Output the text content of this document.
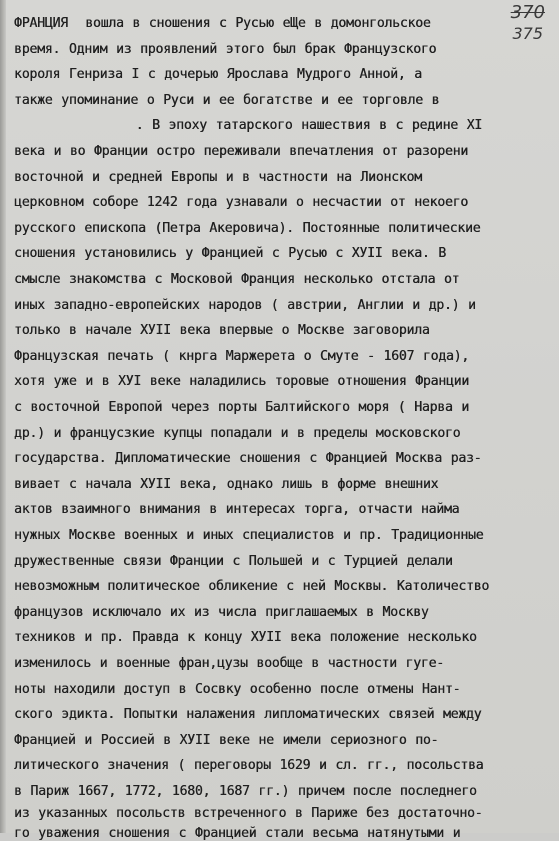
370
375
ФРАНЦИЯ  вошла в сношения с Русью еЩе в домонгольское
время. Одним из проявлений этого был брак Французского
короля Генриза I с дочерью Ярослава Мудрого Анной, а
также упоминание о Руси и ее богатстве и ее торговле в
. В эпоху татарского нашествия в с редине XI
века и во Франции остро переживали впечатления от разорени
восточной и средней Европы и в частности на Лионском
церковном соборе 1242 года узнавали о несчастии от некоего
русского епископа (Петра Акеровича). Постоянные политические
сношения установились у Францией с Русью с ХУII века. В
смысле знакомства с Московой Франция несколько отстала от
иных западно-европейских народов ( австрии, Англии и др.) и
только в начале ХУII века впервые о Москве заговорила
Французская печать ( кнрга Маржерета о Смуте - 1607 года),
хотя уже и в ХУI веке наладились торовые отношения Франции
с восточной Европой через порты Балтийского моря ( Нарва и
др.) и францусзкие купцы попадали и в пределы московского
государства. Дипломатические сношения с Францией Москва раз-
вивает с начала ХУII века, однако лишь в форме внешних
актов взаимного внимания в интересах торга, отчасти найма
нужных Москве военных и иных специалистов и пр. Традиционные
дружественные связи Франции с Польшей и с Турцией делали
невозможным политическое обликение с ней Москвы. Католичество
французов исключало их из числа приглашаемых в Москву
техников и пр. Правда к концу ХУII века положение несколько
изменилось и военные фран,цузы вообще в частности гуге-
ноты находили доступ в Сосвку особенно после отмены Нант-
ского эдикта. Попытки налажения липломатических связей между
Францией и Россией в ХУII веке не имели сериозного по-
литического значения ( переговоры 1629 и сл. гг., посольства
в Париж 1667, 1772, 1680, 1687 гг.) причем после последнего
из указанных посольств встреченного в Париже без достаточно-
го уважения сношения с Францией стали весьма натянутыми и
